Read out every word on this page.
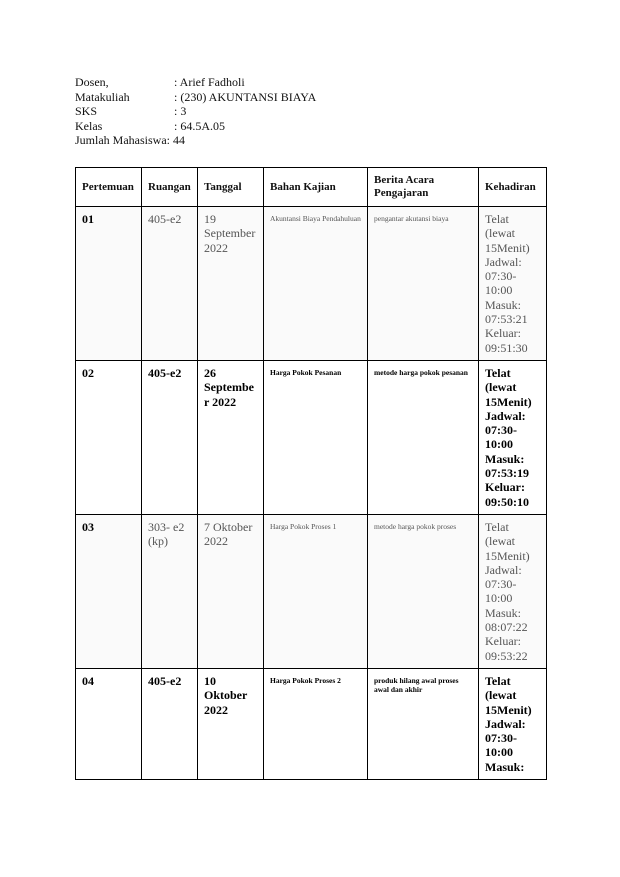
Dosen,	: Arief Fadholi
Matakuliah	: (230) AKUNTANSI BIAYA
SKS	: 3
Kelas	: 64.5A.05
Jumlah Mahasiswa : 44
Pertemuan	Ruangan	Tanggal	Bahan Kajian	Berita Acara Pengajaran	Kehadiran
01	405-e2	19 September 2022	Akuntansi Biaya Pendahuluan	pengantar akutansi biaya	Telat (lewat 15Menit) Jadwal: 07:30- 10:00 Masuk: 07:53:21 Keluar: 09:51:30
02	405-e2	26 September 2022	Harga Pokok Pesanan	metode harga pokok pesanan	Telat (lewat 15Menit) Jadwal: 07:30- 10:00 Masuk: 07:53:19 Keluar: 09:50:10
03	303- e2 (kp)	7 Oktober 2022	Harga Pokok Proses 1	metode harga pokok proses	Telat (lewat 15Menit) Jadwal: 07:30- 10:00 Masuk: 08:07:22 Keluar: 09:53:22
04	405-e2	10 Oktober 2022	Harga Pokok Proses 2	produk hilang awal proses awal dan akhir	Telat (lewat 15Menit) Jadwal: 07:30- 10:00 Masuk:
